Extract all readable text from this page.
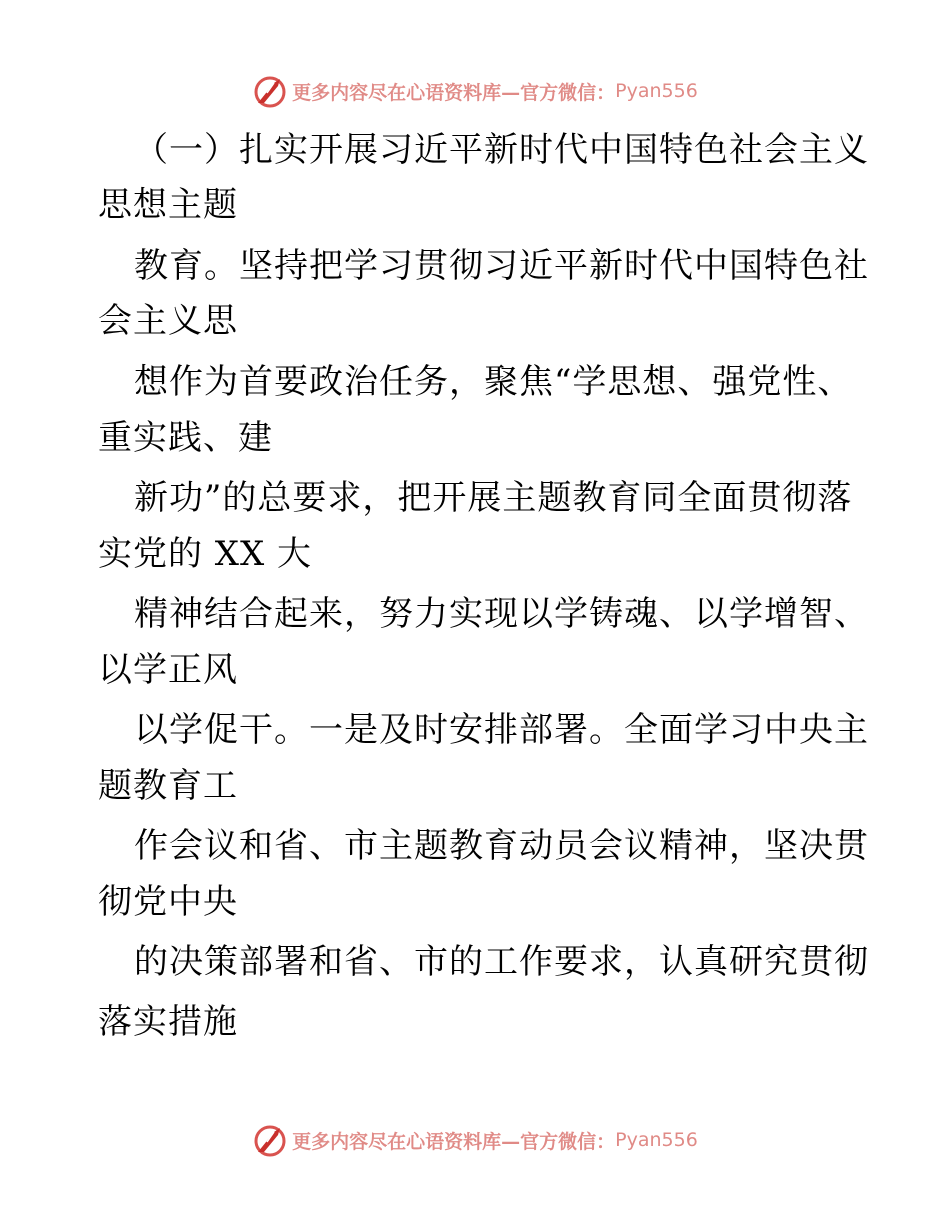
更多内容尽在心语资料库—官方微信： Pyan556
（一）扎实开展习近平新时代中国特色社会主义
思想主题
教育。坚持把学习贯彻习近平新时代中国特色社
会主义思
想作为首要政治任务，聚焦“学思想、强党性、
重实践、建
新功”的总要求，把开展主题教育同全面贯彻落
实党的 XX 大
精神结合起来，努力实现以学铸魂、以学增智、
以学正风
以学促干。一是及时安排部署。全面学习中央主
题教育工
作会议和省、市主题教育动员会议精神，坚决贯
彻党中央
的决策部署和省、市的工作要求，认真研究贯彻
落实措施
更多内容尽在心语资料库—官方微信： Pyan556
